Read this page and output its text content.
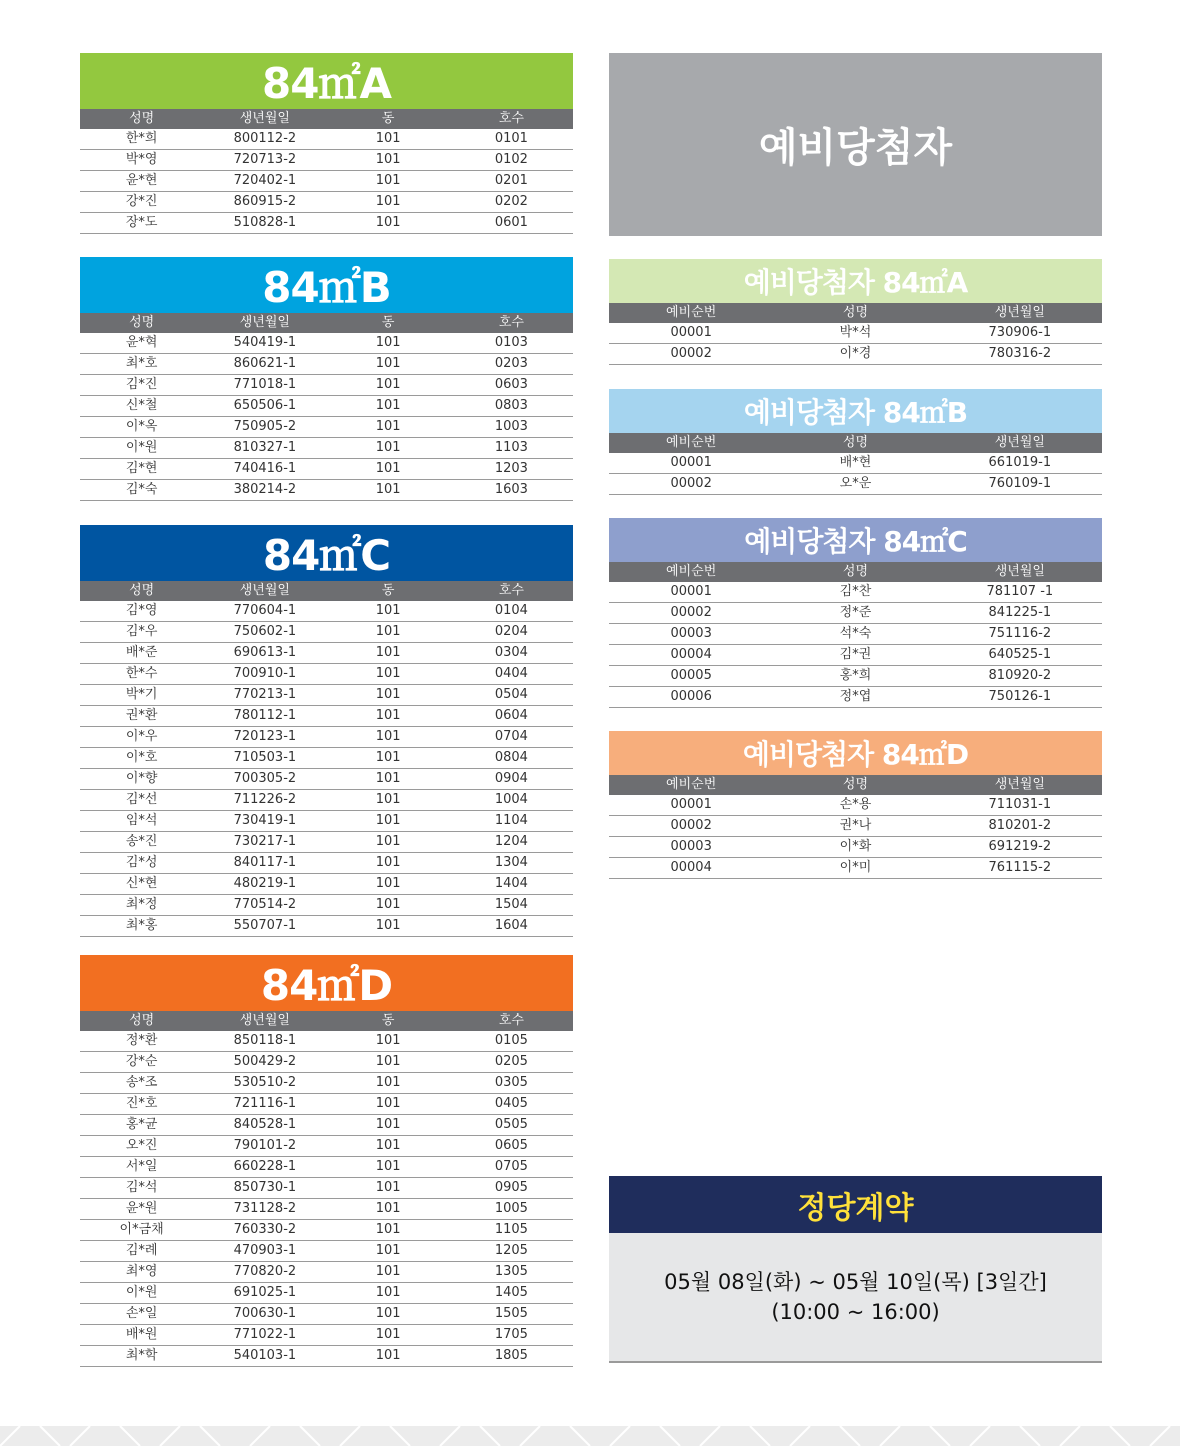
84㎡A
성명	생년월일	동	호수
한*희	800112-2	101	0101
박*영	720713-2	101	0102
윤*현	720402-1	101	0201
강*진	860915-2	101	0202
장*도	510828-1	101	0601
84㎡B
성명	생년월일	동	호수
윤*혁	540419-1	101	0103
최*호	860621-1	101	0203
김*진	771018-1	101	0603
신*철	650506-1	101	0803
이*옥	750905-2	101	1003
이*원	810327-1	101	1103
김*현	740416-1	101	1203
김*숙	380214-2	101	1603
84㎡C
성명	생년월일	동	호수
김*영	770604-1	101	0104
김*우	750602-1	101	0204
배*준	690613-1	101	0304
한*수	700910-1	101	0404
박*기	770213-1	101	0504
권*환	780112-1	101	0604
이*우	720123-1	101	0704
이*호	710503-1	101	0804
이*향	700305-2	101	0904
김*선	711226-2	101	1004
임*석	730419-1	101	1104
송*진	730217-1	101	1204
김*성	840117-1	101	1304
신*현	480219-1	101	1404
최*정	770514-2	101	1504
최*홍	550707-1	101	1604
84㎡D
성명	생년월일	동	호수
정*환	850118-1	101	0105
강*순	500429-2	101	0205
송*조	530510-2	101	0305
진*호	721116-1	101	0405
홍*균	840528-1	101	0505
오*진	790101-2	101	0605
서*일	660228-1	101	0705
김*석	850730-1	101	0905
윤*원	731128-2	101	1005
이*금채	760330-2	101	1105
김*례	470903-1	101	1205
최*영	770820-2	101	1305
이*원	691025-1	101	1405
손*일	700630-1	101	1505
배*원	771022-1	101	1705
최*학	540103-1	101	1805
예비당첨자
예비당첨자 84㎡A
예비순번	성명	생년월일
00001	박*석	730906-1
00002	이*경	780316-2
예비당첨자 84㎡B
예비순번	성명	생년월일
00001	배*현	661019-1
00002	오*운	760109-1
예비당첨자 84㎡C
예비순번	성명	생년월일
00001	김*찬	781107 -1
00002	정*준	841225-1
00003	석*숙	751116-2
00004	김*권	640525-1
00005	홍*희	810920-2
00006	정*엽	750126-1
예비당첨자 84㎡D
예비순번	성명	생년월일
00001	손*용	711031-1
00002	권*나	810201-2
00003	이*화	691219-2
00004	이*미	761115-2
정당계약
05월 08일(화) ~ 05월 10일(목) [3일간]
(10:00 ~ 16:00)
